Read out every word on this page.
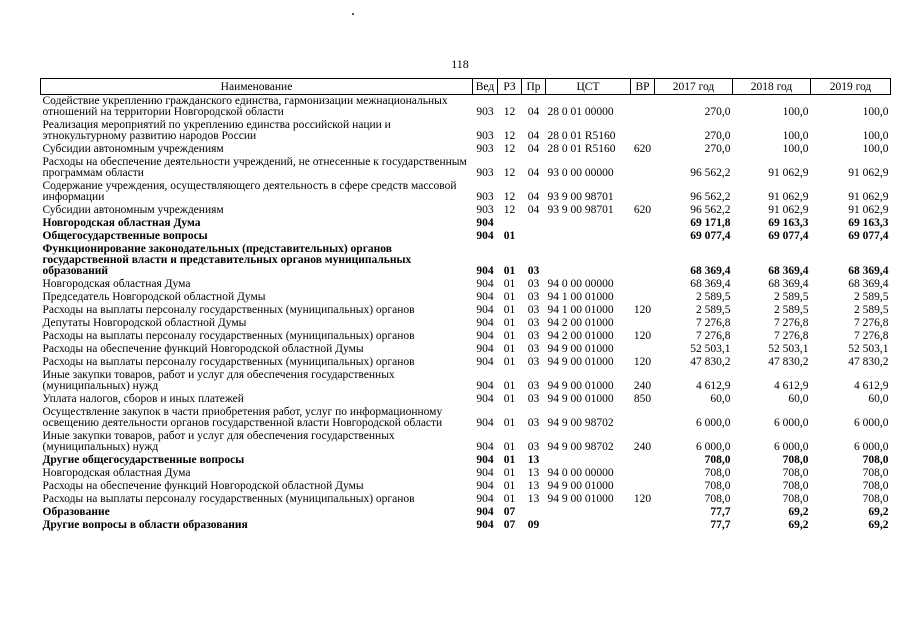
118
Наименование	Вед	РЗ	Пр	ЦСТ	ВР	2017 год	2018 год	2019 год
Содействие укреплению гражданского единства, гармонизации межнациональных отношений на территории Новгородской области	903	12	04	28 0 01 00000		270,0	100,0	100,0
Реализация мероприятий по укреплению единства российской нации и этнокультурному развитию народов России	903	12	04	28 0 01 R5160		270,0	100,0	100,0
Субсидии автономным учреждениям	903	12	04	28 0 01 R5160	620	270,0	100,0	100,0
Расходы на обеспечение деятельности учреждений, не отнесенные к государственным программам области	903	12	04	93 0 00 00000		96 562,2	91 062,9	91 062,9
Содержание учреждения, осуществляющего деятельность в сфере средств массовой информации	903	12	04	93 9 00 98701		96 562,2	91 062,9	91 062,9
Субсидии автономным учреждениям	903	12	04	93 9 00 98701	620	96 562,2	91 062,9	91 062,9
Новгородская областная Дума	904					69 171,8	69 163,3	69 163,3
Общегосударственные вопросы	904	01				69 077,4	69 077,4	69 077,4
Функционирование законодательных (представительных) органов государственной власти и представительных органов муниципальных образований	904	01	03			68 369,4	68 369,4	68 369,4
Новгородская областная Дума	904	01	03	94 0 00 00000		68 369,4	68 369,4	68 369,4
Председатель Новгородской областной Думы	904	01	03	94 1 00 01000		2 589,5	2 589,5	2 589,5
Расходы на выплаты персоналу государственных (муниципальных) органов	904	01	03	94 1 00 01000	120	2 589,5	2 589,5	2 589,5
Депутаты Новгородской областной Думы	904	01	03	94 2 00 01000		7 276,8	7 276,8	7 276,8
Расходы на выплаты персоналу государственных (муниципальных) органов	904	01	03	94 2 00 01000	120	7 276,8	7 276,8	7 276,8
Расходы на обеспечение функций Новгородской областной Думы	904	01	03	94 9 00 01000		52 503,1	52 503,1	52 503,1
Расходы на выплаты персоналу государственных (муниципальных) органов	904	01	03	94 9 00 01000	120	47 830,2	47 830,2	47 830,2
Иные закупки товаров, работ и услуг для обеспечения государственных (муниципальных) нужд	904	01	03	94 9 00 01000	240	4 612,9	4 612,9	4 612,9
Уплата налогов, сборов и иных платежей	904	01	03	94 9 00 01000	850	60,0	60,0	60,0
Осуществление закупок в части приобретения работ, услуг по информационному освещению деятельности органов государственной власти Новгородской области	904	01	03	94 9 00 98702		6 000,0	6 000,0	6 000,0
Иные закупки товаров, работ и услуг для обеспечения государственных (муниципальных) нужд	904	01	03	94 9 00 98702	240	6 000,0	6 000,0	6 000,0
Другие общегосударственные вопросы	904	01	13			708,0	708,0	708,0
Новгородская областная Дума	904	01	13	94 0 00 00000		708,0	708,0	708,0
Расходы на обеспечение функций Новгородской областной Думы	904	01	13	94 9 00 01000		708,0	708,0	708,0
Расходы на выплаты персоналу государственных (муниципальных) органов	904	01	13	94 9 00 01000	120	708,0	708,0	708,0
Образование	904	07				77,7	69,2	69,2
Другие вопросы в области образования	904	07	09			77,7	69,2	69,2
